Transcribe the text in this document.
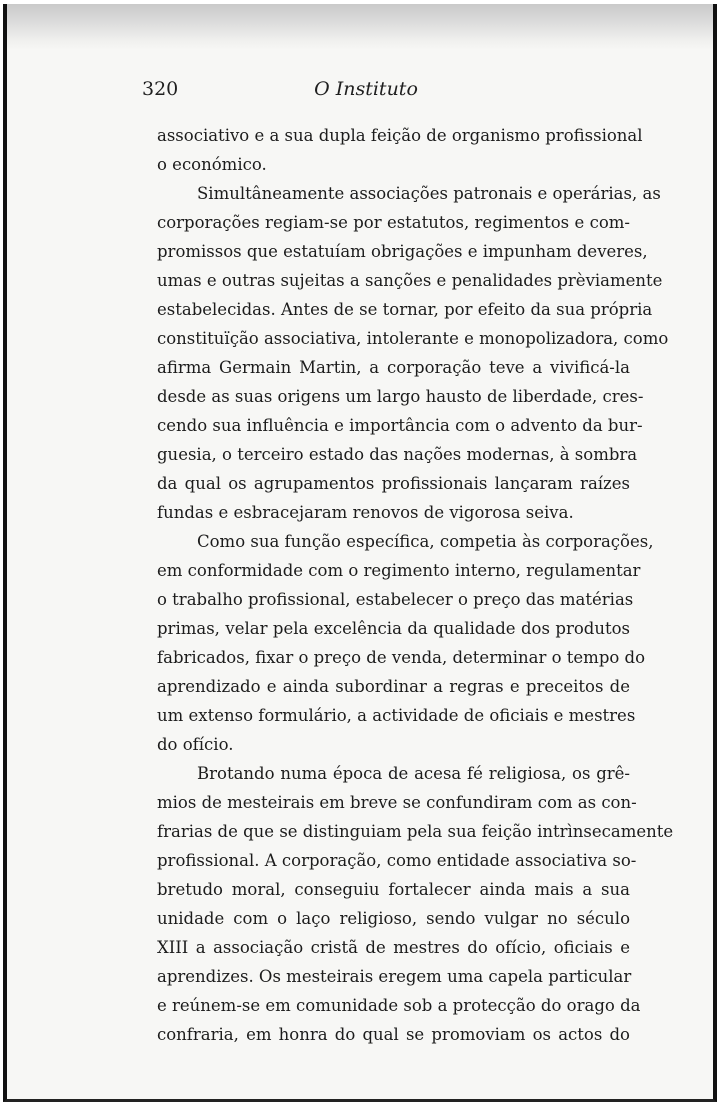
320	O Instituto
associativo e a sua dupla feição de organismo profissional
o económico.
Simultâneamente associações patronais e operárias, as
corporações regiam-se por estatutos, regimentos e com-
promissos que estatuíam obrigações e impunham deveres,
umas e outras sujeitas a sanções e penalidades prèviamente
estabelecidas. Antes de se tornar, por efeito da sua própria
constituïção associativa, intolerante e monopolizadora, como
afirma Germain Martin, a corporação teve a vivificá-la
desde as suas origens um largo hausto de liberdade, cres-
cendo sua influência e importância com o advento da bur-
guesia, o terceiro estado das nações modernas, à sombra
da qual os agrupamentos profissionais lançaram raízes
fundas e esbracejaram renovos de vigorosa seiva.
Como sua função específica, competia às corporações,
em conformidade com o regimento interno, regulamentar
o trabalho profissional, estabelecer o preço das matérias
primas, velar pela excelência da qualidade dos produtos
fabricados, fixar o preço de venda, determinar o tempo do
aprendizado e ainda subordinar a regras e preceitos de
um extenso formulário, a actividade de oficiais e mestres
do ofício.
Brotando numa época de acesa fé religiosa, os grê-
mios de mesteirais em breve se confundiram com as con-
frarias de que se distinguiam pela sua feição intrìnsecamente
profissional. A corporação, como entidade associativa so-
bretudo moral, conseguiu fortalecer ainda mais a sua
unidade com o laço religioso, sendo vulgar no século
XIII a associação cristã de mestres do ofício, oficiais e
aprendizes. Os mesteirais eregem uma capela particular
e reúnem-se em comunidade sob a protecção do orago da
confraria, em honra do qual se promoviam os actos do
